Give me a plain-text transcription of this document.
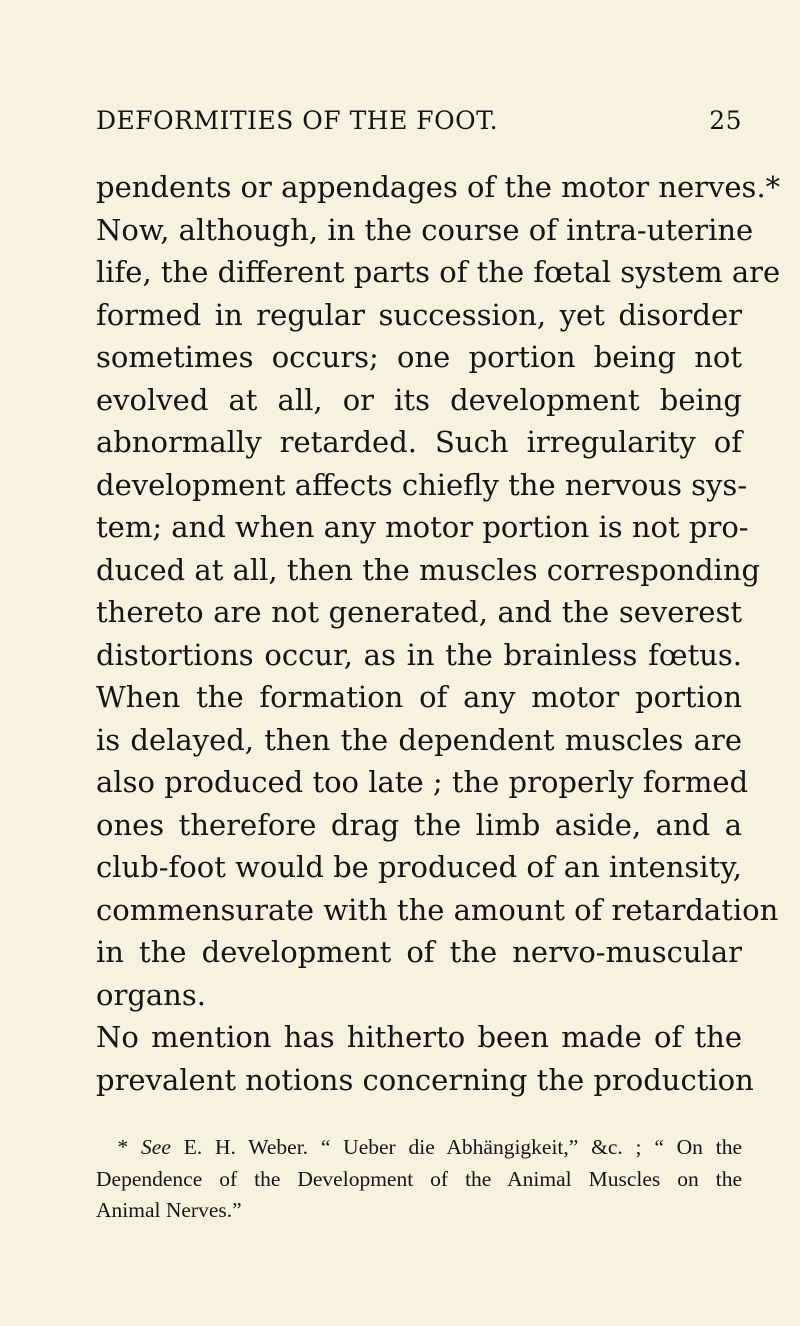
DEFORMITIES OF THE FOOT.	25
pendents or appendages of the motor nerves.*
Now, although, in the course of intra-uterine
life, the different parts of the fœtal system are
formed in regular succession, yet disorder
sometimes occurs; one portion being not
evolved at all, or its development being
abnormally retarded. Such irregularity of
development affects chiefly the nervous sys-
tem; and when any motor portion is not pro-
duced at all, then the muscles corresponding
thereto are not generated, and the severest
distortions occur, as in the brainless fœtus.
When the formation of any motor portion
is delayed, then the dependent muscles are
also produced too late ; the properly formed
ones therefore drag the limb aside, and a
club-foot would be produced of an intensity,
commensurate with the amount of retardation
in the development of the nervo-muscular
organs.
No mention has hitherto been made of the
prevalent notions concerning the production
 * See E. H. Weber. “ Ueber die Abhängigkeit,” &c. ; “ On the
Dependence of the Development of the Animal Muscles on the
Animal Nerves.”
